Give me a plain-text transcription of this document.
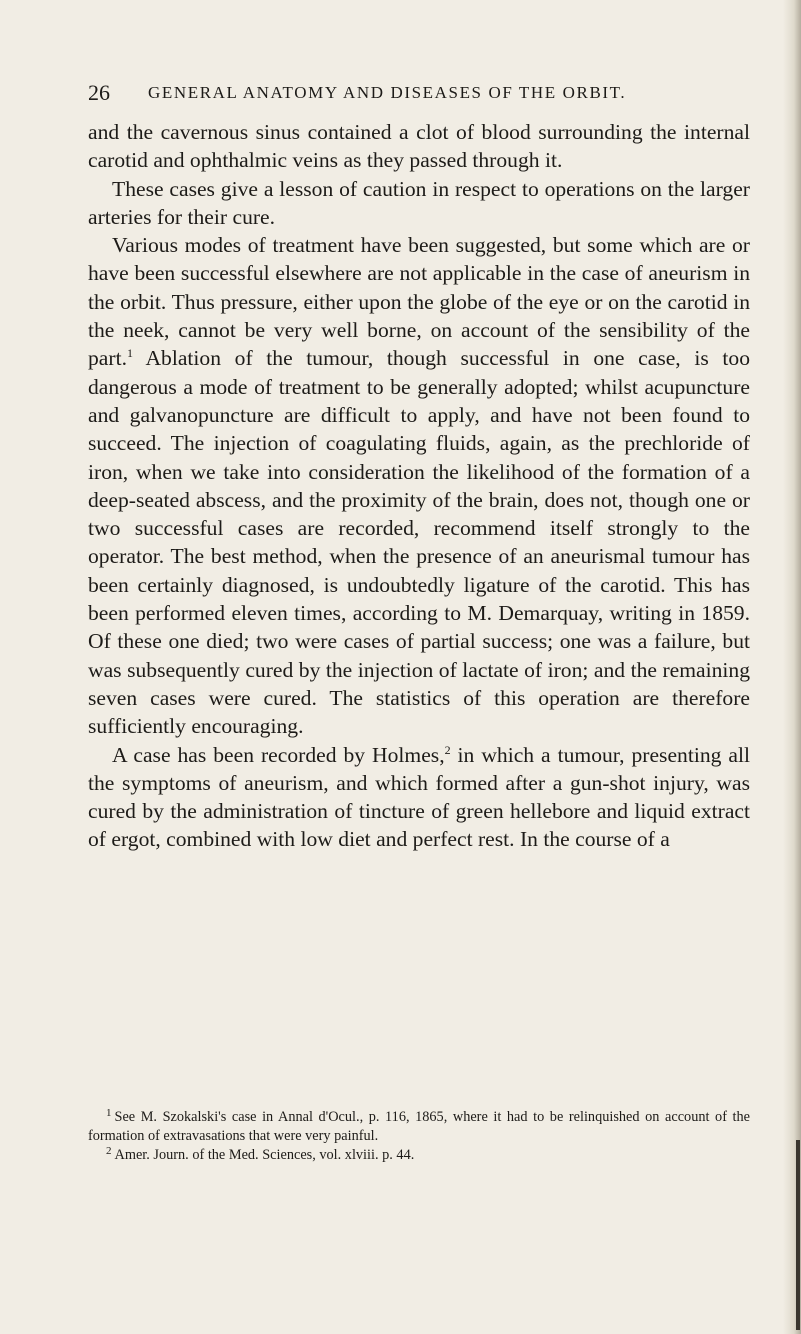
26 GENERAL ANATOMY AND DISEASES OF THE ORBIT.

and the cavernous sinus contained a clot of blood surrounding the internal carotid and ophthalmic veins as they passed through it.

These cases give a lesson of caution in respect to operations on the larger arteries for their cure.

Various modes of treatment have been suggested, but some which are or have been successful elsewhere are not applicable in the case of aneurism in the orbit. Thus pressure, either upon the globe of the eye or on the carotid in the neek, cannot be very well borne, on account of the sensibility of the part.$^1$ Ablation of the tumour, though successful in one case, is too dangerous a mode of treatment to be generally adopted; whilst acupuncture and galvanopuncture are difficult to apply, and have not been found to succeed. The injection of coagulating fluids, again, as the prechloride of iron, when we take into consideration the likelihood of the formation of a deep-seated abscess, and the proximity of the brain, does not, though one or two successful cases are recorded, recommend itself strongly to the operator. The best method, when the presence of an aneurismal tumour has been certainly diagnosed, is undoubtedly ligature of the carotid. This has been performed eleven times, according to M. Demarquay, writing in 1859. Of these one died; two were cases of partial success; one was a failure, but was subsequently cured by the injection of lactate of iron; and the remaining seven cases were cured. The statistics of this operation are therefore sufficiently encouraging.

A case has been recorded by Holmes,$^2$ in which a tumour, presenting all the symptoms of aneurism, and which formed after a gun-shot injury, was cured by the administration of tincture of green hellebore and liquid extract of ergot, combined with low diet and perfect rest. In the course of a

$^1$ See M. Szokalski's case in Annal d'Ocul., p. 116, 1865, where it had to be relinquished on account of the formation of extravasations that were very painful.

$^2$ Amer. Journ. of the Med. Sciences, vol. xlviii. p. 44.
